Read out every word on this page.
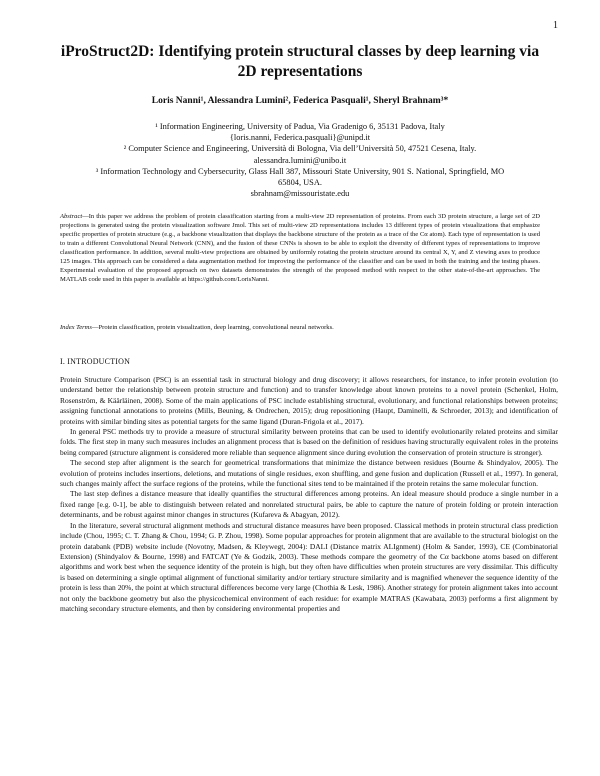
1
iProStruct2D: Identifying protein structural classes by deep learning via 2D representations
Loris Nanni¹, Alessandra Lumini², Federica Pasquali¹, Sheryl Brahnam³*
¹ Information Engineering, University of Padua, Via Gradenigo 6, 35131 Padova, Italy
{loris.nanni, Federica.pasquali}@unipd.it
² Computer Science and Engineering, Università di Bologna, Via dell’Università 50, 47521 Cesena, Italy.
alessandra.lumini@unibo.it
³ Information Technology and Cybersecurity, Glass Hall 387, Missouri State University, 901 S. National, Springfield, MO 65804, USA.
sbrahnam@missouristate.edu
Abstract—In this paper we address the problem of protein classification starting from a multi-view 2D representation of proteins. From each 3D protein structure, a large set of 2D projections is generated using the protein visualization software Jmol. This set of multi-view 2D representations includes 13 different types of protein visualizations that emphasize specific properties of protein structure (e.g., a backbone visualization that displays the backbone structure of the protein as a trace of the Cα atom). Each type of representation is used to train a different Convolutional Neural Network (CNN), and the fusion of these CNNs is shown to be able to exploit the diversity of different types of representations to improve classification performance. In addition, several multi-view projections are obtained by uniformly rotating the protein structure around its central X, Y, and Z viewing axes to produce 125 images. This approach can be considered a data augmentation method for improving the performance of the classifier and can be used in both the training and the testing phases. Experimental evaluation of the proposed approach on two datasets demonstrates the strength of the proposed method with respect to the other state-of-the-art approaches. The MATLAB code used in this paper is available at https://github.com/LorisNanni.
Index Terms—Protein classification, protein visualization, deep learning, convolutional neural networks.
I. INTRODUCTION

Protein Structure Comparison (PSC) is an essential task in structural biology and drug discovery; it allows researchers, for instance, to infer protein evolution (to understand better the relationship between protein structure and function) and to transfer knowledge about known proteins to a novel protein (Schenkel, Holm, Rosenström, & Käärläinen, 2008). Some of the main applications of PSC include establishing structural, evolutionary, and functional relationships between proteins; assigning functional annotations to proteins (Mills, Beuning, & Ondrechen, 2015); drug repositioning (Haupt, Daminelli, & Schroeder, 2013); and identification of proteins with similar binding sites as potential targets for the same ligand (Duran-Frigola et al., 2017).

In general PSC methods try to provide a measure of structural similarity between proteins that can be used to identify evolutionarily related proteins and similar folds. The first step in many such measures includes an alignment process that is based on the definition of residues having structurally equivalent roles in the proteins being compared (structure alignment is considered more reliable than sequence alignment since during evolution the conservation of protein structure is stronger).

The second step after alignment is the search for geometrical transformations that minimize the distance between residues (Bourne & Shindyalov, 2005). The evolution of proteins includes insertions, deletions, and mutations of single residues, exon shuffling, and gene fusion and duplication (Russell et al., 1997). In general, such changes mainly affect the surface regions of the proteins, while the functional sites tend to be maintained if the protein retains the same molecular function.

The last step defines a distance measure that ideally quantifies the structural differences among proteins. An ideal measure should produce a single number in a fixed range [e.g. 0-1], be able to distinguish between related and nonrelated structural pairs, be able to capture the nature of protein folding or protein interaction determinants, and be robust against minor changes in structures (Kufareva & Abagyan, 2012).

In the literature, several structural alignment methods and structural distance measures have been proposed. Classical methods in protein structural class prediction include (Chou, 1995; C. T. Zhang & Chou, 1994; G. P. Zhou, 1998). Some popular approaches for protein alignment that are available to the structural biologist on the protein databank (PDB) website include (Novotny, Madsen, & Kleywegt, 2004): DALI (Distance matrix ALIgnment) (Holm & Sander, 1993), CE (Combinatorial Extension) (Shindyalov & Bourne, 1998) and FATCAT (Ye & Godzik, 2003). These methods compare the geometry of the Cα backbone atoms based on different algorithms and work best when the sequence identity of the protein is high, but they often have difficulties when protein structures are very dissimilar. This difficulty is based on determining a single optimal alignment of functional similarity and/or tertiary structure similarity and is magnified whenever the sequence identity of the protein is less than 20%, the point at which structural differences become very large (Chothia & Lesk, 1986). Another strategy for protein alignment takes into account not only the backbone geometry but also the physicochemical environment of each residue: for example MATRAS (Kawabata, 2003) performs a first alignment by matching secondary structure elements, and then by considering environmental properties and
